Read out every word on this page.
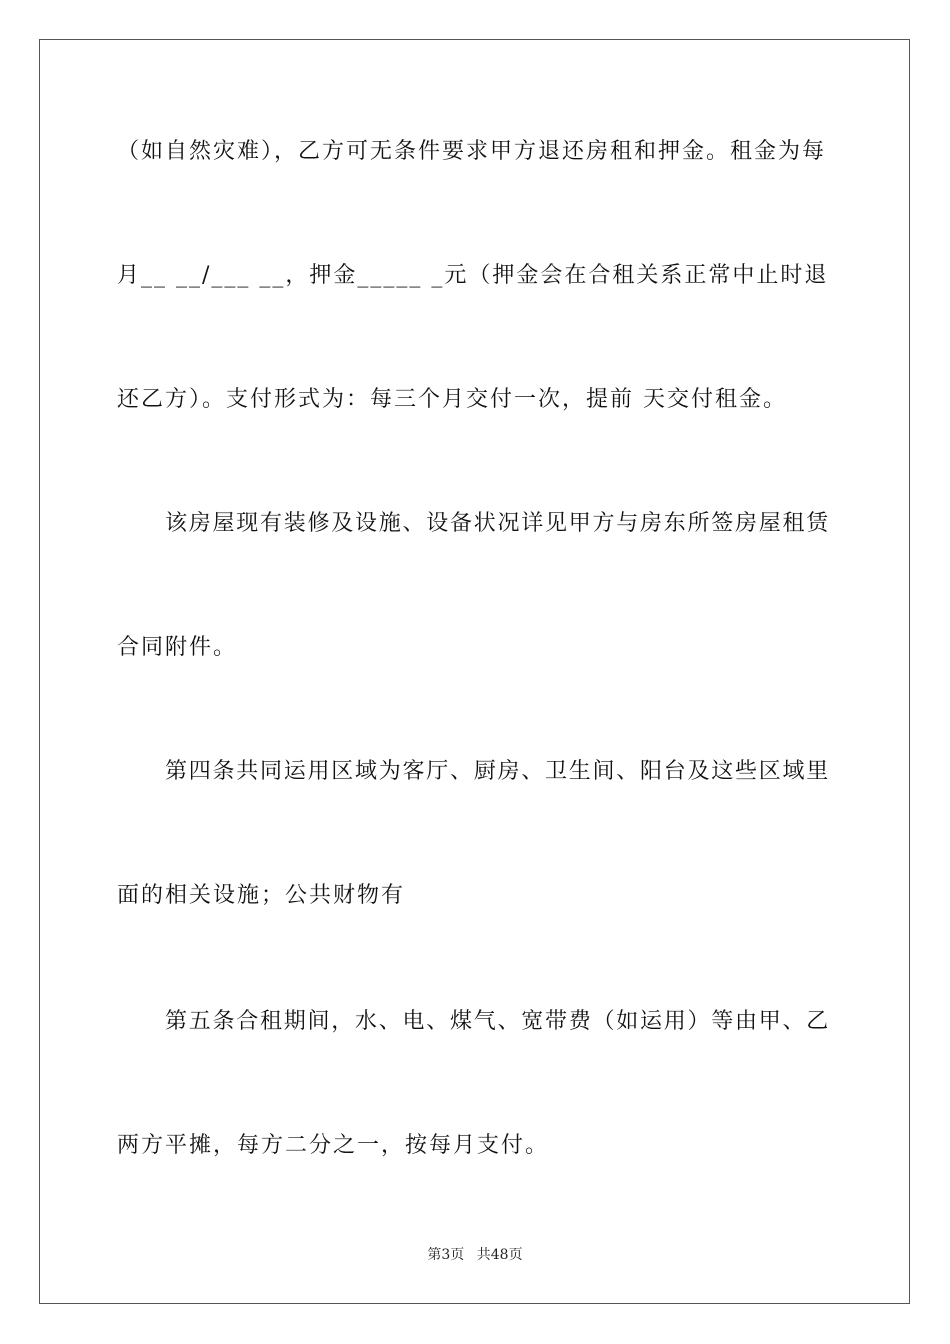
（如自然灾难），乙方可无条件要求甲方退还房租和押金。租金为每
月__ __/___ __，押金_____ _元（押金会在合租关系正常中止时退
还乙方）。支付形式为：每三个月交付一次，提前 天交付租金。
该房屋现有装修及设施、设备状况详见甲方与房东所签房屋租赁
合同附件。
第四条共同运用区域为客厅、厨房、卫生间、阳台及这些区域里
面的相关设施；公共财物有
第五条合租期间，水、电、煤气、宽带费（如运用）等由甲、乙
两方平摊，每方二分之一，按每月支付。
第3页 共48页
